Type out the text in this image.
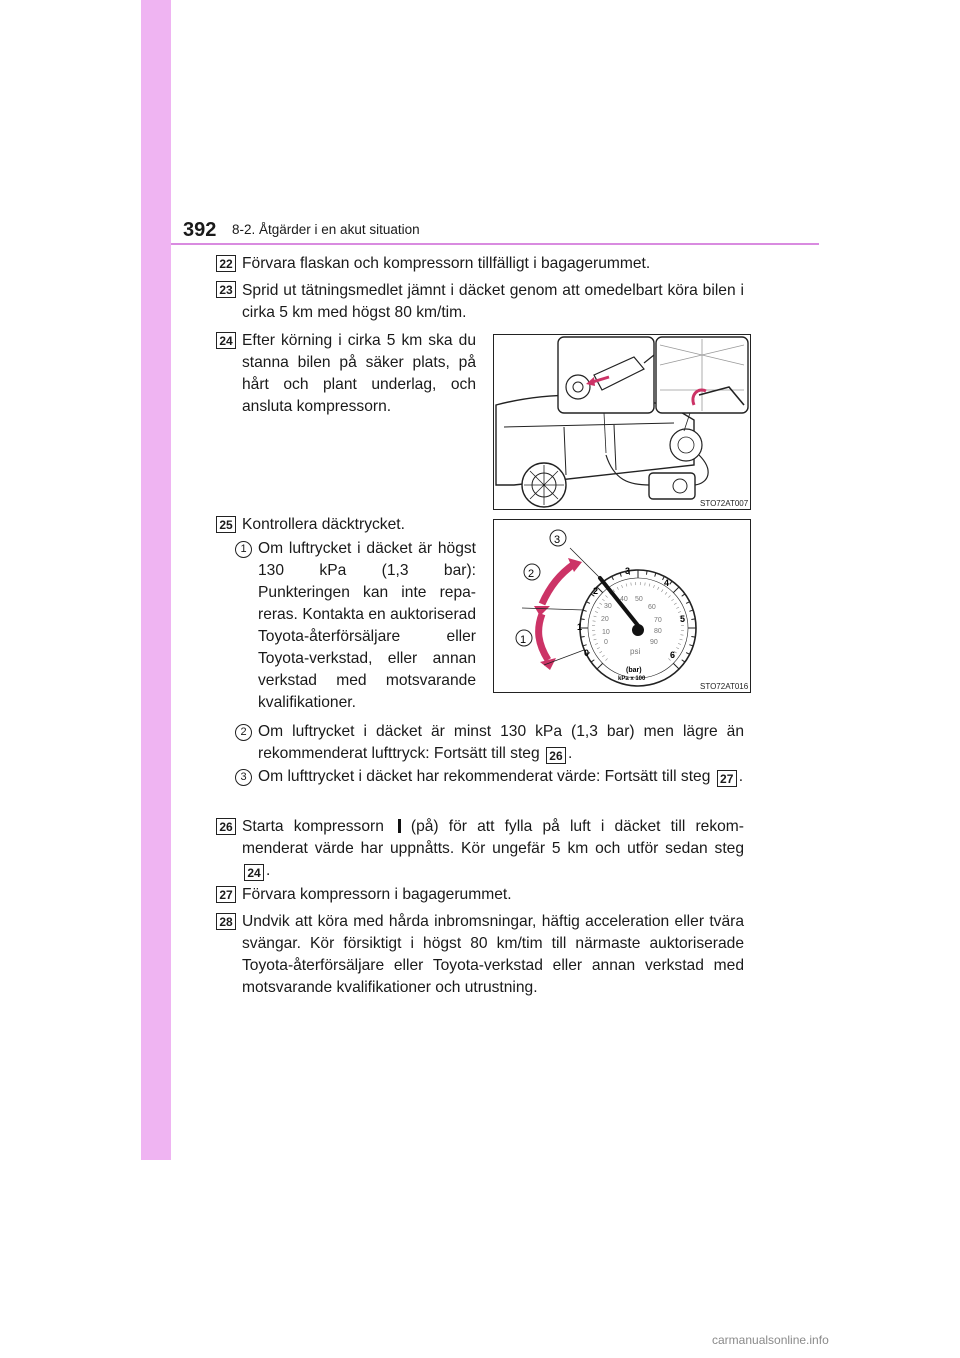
392 8-2. Åtgärder i en akut situation
22 Förvara flaskan och kompressorn tillfälligt i bagagerummet.
23 Sprid ut tätningsmedlet jämnt i däcket genom att omedelbart köra bilen i cirka 5 km med högst 80 km/tim.
24 Efter körning i cirka 5 km ska du stanna bilen på säker plats, på hårt och plant underlag, och ansluta kompressorn.
STO72AT007
25 Kontrollera däcktrycket.
1 Om luftrycket i däcket är högst 130 kPa (1,3 bar): Punkteringen kan inte repareras. Kontakta en auktoriserad Toyota-återförsäljare eller Toyota-verkstad, eller annan verkstad med motsvarande kvalifikationer.
0
1
2
3
4
5
6
0
10
20
30
40 50
60
70
80
90
psi
(bar)
kPa x 100
3
2
1
STO72AT016
2 Om luftrycket i däcket är minst 130 kPa (1,3 bar) men lägre än rekommenderat lufttryck: Fortsätt till steg 26 .
3 Om lufttrycket i däcket har rekommenderat värde: Fortsätt till steg 27 .
26 Starta kompressorn (på) för att fylla på luft i däcket till rekommenderat värde har uppnåtts. Kör ungefär 5 km och utför sedan steg 24 .
27 Förvara kompressorn i bagagerummet.
28 Undvik att köra med hårda inbromsningar, häftig acceleration eller tvära svängar. Kör försiktigt i högst 80 km/tim till närmaste auktoriserade Toyota-återförsäljare eller Toyota-verkstad eller annan verkstad med motsvarande kvalifikationer och utrustning.
carmanualsonline.info
